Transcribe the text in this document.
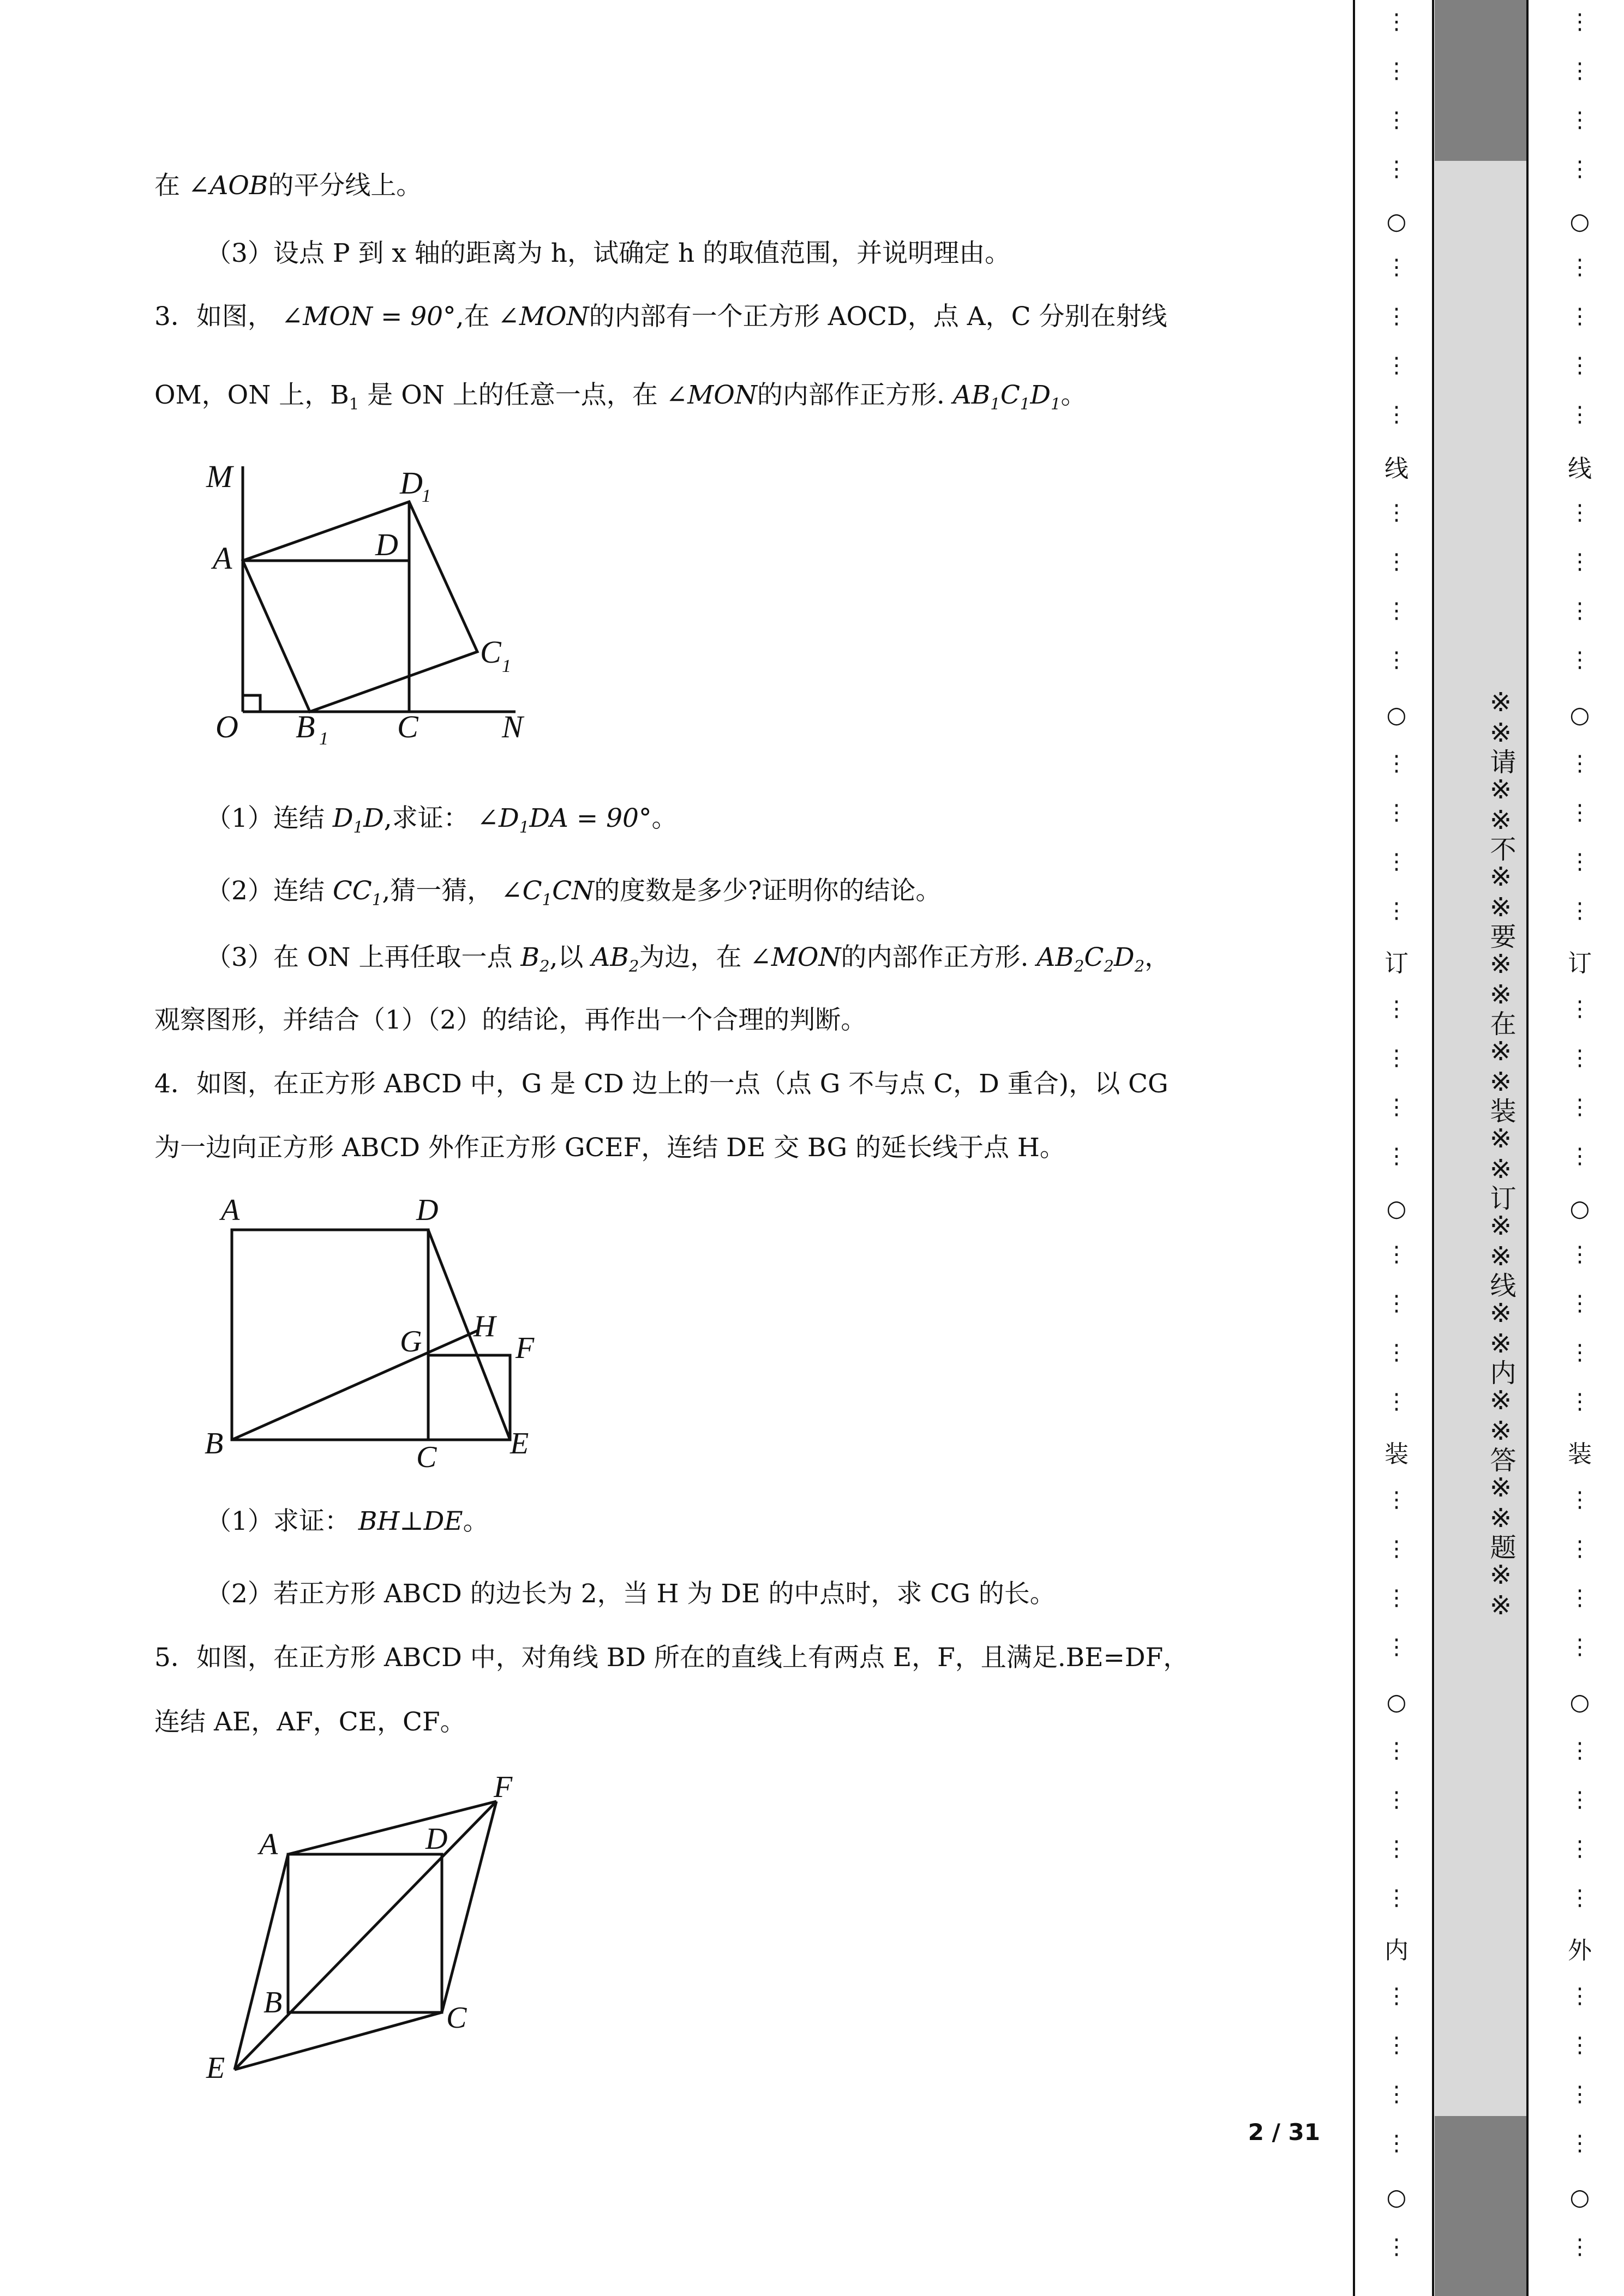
在 ∠AOB的平分线上。
（3）设点 P 到 x 轴的距离为 h，试确定 h 的取值范围，并说明理由。
3．如图， ∠MON = 90°,在 ∠MON的内部有一个正方形 AOCD，点 A，C 分别在射线
OM，ON 上，$B_1$ 是 ON 上的任意一点，在 ∠MON的内部作正方形. $AB_1C_1D_1$。
（1）连结 $D_1D$,求证： $\angle D_1DA = 90^\circ$。
（2）连结 $CC_1$,猜一猜， $\angle C_1CN$的度数是多少?证明你的结论。
（3）在 ON 上再任取一点 $B_2$,以 $AB_2$为边，在 ∠MON的内部作正方形. $AB_2C_2D_2$，
观察图形，并结合（1）（2）的结论，再作出一个合理的判断。
4．如图，在正方形 ABCD 中，G 是 CD 边上的一点（点 G 不与点 C，D 重合)，以 CG
为一边向正方形 ABCD 外作正方形 GCEF，连结 DE 交 BG 的延长线于点 H。
（1）求证： BH⊥DE。
（2）若正方形 ABCD 的边长为 2，当 H 为 DE 的中点时，求 CG 的长。
5．如图，在正方形 ABCD 中，对角线 BD 所在的直线上有两点 E，F，且满足.BE=DF，
连结 AE，AF，CE，CF。
M
A	D
D
1
C 1
O B 1 C	N
A	D
G H
F
B	C E
F
A	D
B	C
E
2 / 31
⋮
⋮
⋮
⋮
○
⋮
⋮
⋮
⋮
线
⋮
⋮
⋮
⋮
○
⋮
⋮
⋮
⋮
订
⋮
⋮
⋮
⋮
○
⋮
⋮
⋮
⋮
装
⋮
⋮
⋮
⋮
○
⋮
⋮
⋮
⋮
内
⋮
⋮
⋮
⋮
○
⋮
※※请※※不※※要※※在※※装※※订※※线※※内※※答※※题※※
⋮
⋮
⋮
⋮
○
⋮
⋮
⋮
⋮
线
⋮
⋮
⋮
⋮
○
⋮
⋮
⋮
⋮
订
⋮
⋮
⋮
⋮
○
⋮
⋮
⋮
⋮
装
⋮
⋮
⋮
⋮
○
⋮
⋮
⋮
⋮
外
⋮
⋮
⋮
⋮
○
⋮
